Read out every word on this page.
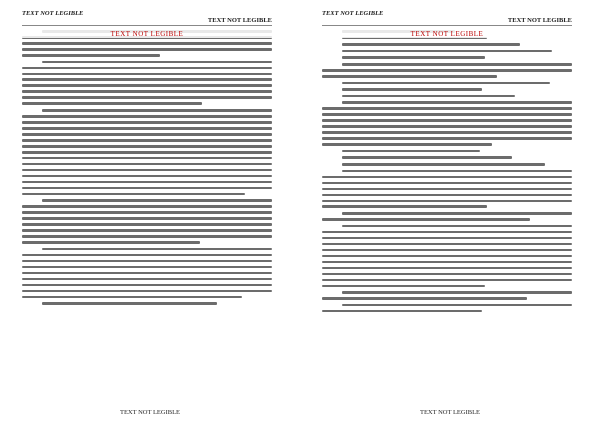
TEXT NOT LEGIBLE
TEXT NOT LEGIBLE
TEXT NOT LEGIBLE
TEXT NOT LEGIBLE
TEXT NOT LEGIBLE
TEXT NOT LEGIBLE
TEXT NOT LEGIBLE
TEXT NOT LEGIBLE
